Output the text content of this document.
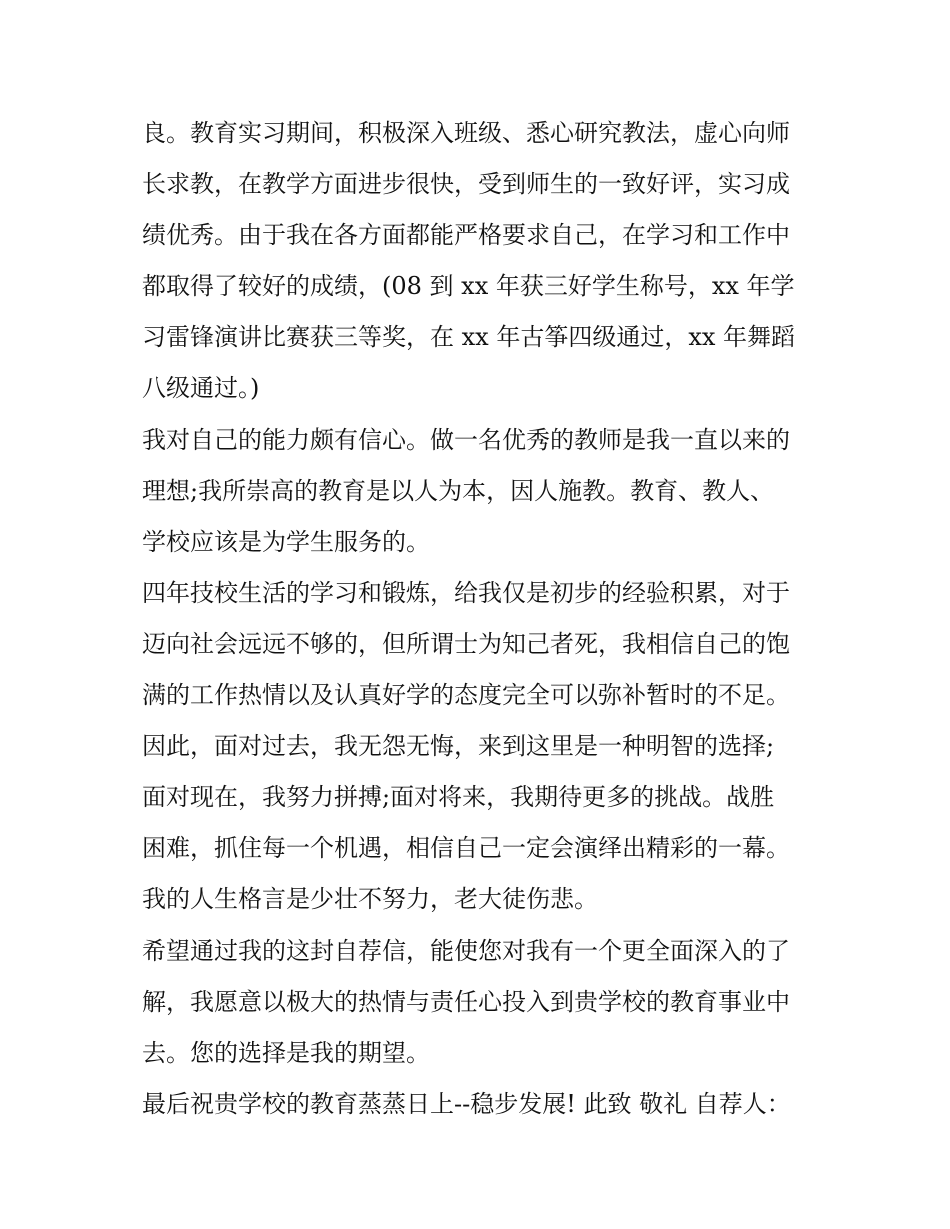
良。教育实习期间，积极深入班级、悉心研究教法，虚心向师
长求教，在教学方面进步很快，受到师生的一致好评，实习成
绩优秀。由于我在各方面都能严格要求自己，在学习和工作中
都取得了较好的成绩，(08 到 xx 年获三好学生称号，xx 年学
习雷锋演讲比赛获三等奖，在 xx 年古筝四级通过，xx 年舞蹈
八级通过。)
我对自己的能力颇有信心。做一名优秀的教师是我一直以来的
理想;我所崇高的教育是以人为本，因人施教。教育、教人、
学校应该是为学生服务的。
四年技校生活的学习和锻炼，给我仅是初步的经验积累，对于
迈向社会远远不够的，但所谓士为知己者死，我相信自己的饱
满的工作热情以及认真好学的态度完全可以弥补暂时的不足。
因此，面对过去，我无怨无悔，来到这里是一种明智的选择;
面对现在，我努力拼搏;面对将来，我期待更多的挑战。战胜
困难，抓住每一个机遇，相信自己一定会演绎出精彩的一幕。
我的人生格言是少壮不努力，老大徒伤悲。
希望通过我的这封自荐信，能使您对我有一个更全面深入的了
解，我愿意以极大的热情与责任心投入到贵学校的教育事业中
去。您的选择是我的期望。
最后祝贵学校的教育蒸蒸日上--稳步发展! 此致 敬礼 自荐人：
